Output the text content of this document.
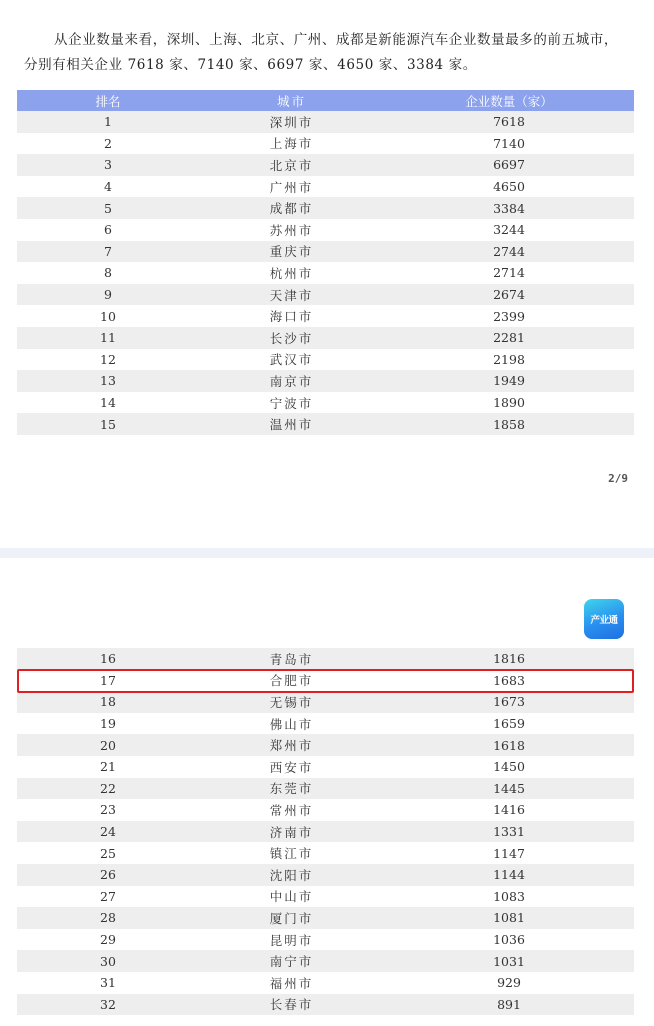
从企业数量来看，深圳、上海、北京、广州、成都是新能源汽车企业数量最多的前五城市，
分别有相关企业 7618 家、7140 家、6697 家、4650 家、3384 家。
排名	城市	企业数量（家）
1	深圳市	7618
2	上海市	7140
3	北京市	6697
4	广州市	4650
5	成都市	3384
6	苏州市	3244
7	重庆市	2744
8	杭州市	2714
9	天津市	2674
10	海口市	2399
11	长沙市	2281
12	武汉市	2198
13	南京市	1949
14	宁波市	1890
15	温州市	1858
2/9
产业通
16	青岛市	1816
17	合肥市	1683
18	无锡市	1673
19	佛山市	1659
20	郑州市	1618
21	西安市	1450
22	东莞市	1445
23	常州市	1416
24	济南市	1331
25	镇江市	1147
26	沈阳市	1144
27	中山市	1083
28	厦门市	1081
29	昆明市	1036
30	南宁市	1031
31	福州市	929
32	长春市	891
